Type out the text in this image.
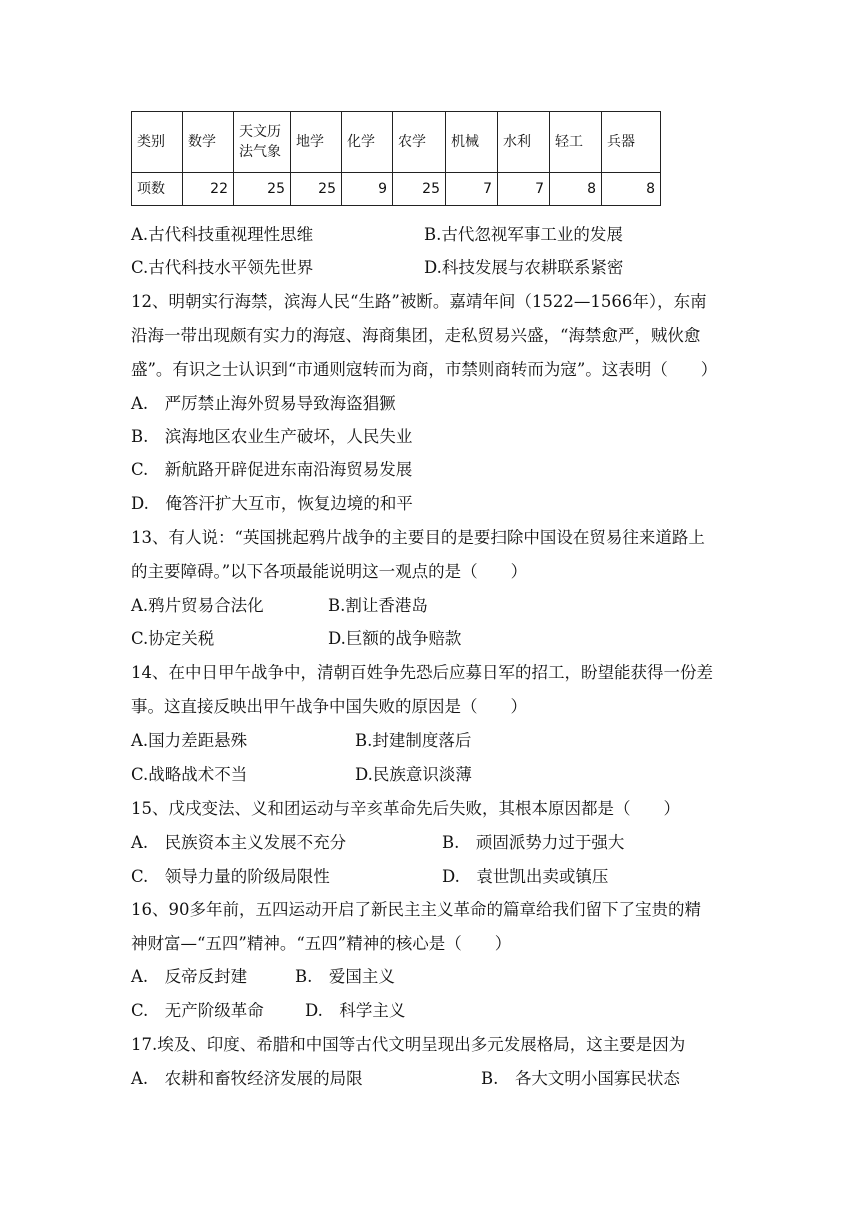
类别	数学	天文历法气象	地学	化学	农学	机械	水利	轻工	兵器
项数	22	25	25	9	25	7	7	8	8
A.古代科技重视理性思维	B.古代忽视军事工业的发展
C.古代科技水平领先世界	D.科技发展与农耕联系紧密
12、明朝实行海禁，滨海人民“生路”被断。嘉靖年间（1522—1566年），东南
沿海一带出现颇有实力的海寇、海商集团，走私贸易兴盛，“海禁愈严，贼伙愈
盛”。有识之士认识到“市通则寇转而为商，市禁则商转而为寇”。这表明（　　）
A.　严厉禁止海外贸易导致海盗猖獗
B.　滨海地区农业生产破坏，人民失业
C.　新航路开辟促进东南沿海贸易发展
D.　俺答汗扩大互市，恢复边境的和平
13、有人说：“英国挑起鸦片战争的主要目的是要扫除中国设在贸易往来道路上
的主要障碍。”以下各项最能说明这一观点的是（　　）
A.鸦片贸易合法化	B.割让香港岛
C.协定关税	D.巨额的战争赔款
14、在中日甲午战争中，清朝百姓争先恐后应募日军的招工，盼望能获得一份差
事。这直接反映出甲午战争中国失败的原因是（　　）
A.国力差距悬殊	B.封建制度落后
C.战略战术不当	D.民族意识淡薄
15、戊戌变法、义和团运动与辛亥革命先后失败，其根本原因都是（　　）
A.　民族资本主义发展不充分	B.　顽固派势力过于强大
C.　领导力量的阶级局限性	D.　袁世凯出卖或镇压
16、90多年前，五四运动开启了新民主主义革命的篇章给我们留下了宝贵的精
神财富—“五四”精神。“五四”精神的核心是（　　）
A.　反帝反封建	B.　爱国主义
C.　无产阶级革命 D.　科学主义
17.埃及、印度、希腊和中国等古代文明呈现出多元发展格局，这主要是因为
A.　农耕和畜牧经济发展的局限	B.　各大文明小国寡民状态
